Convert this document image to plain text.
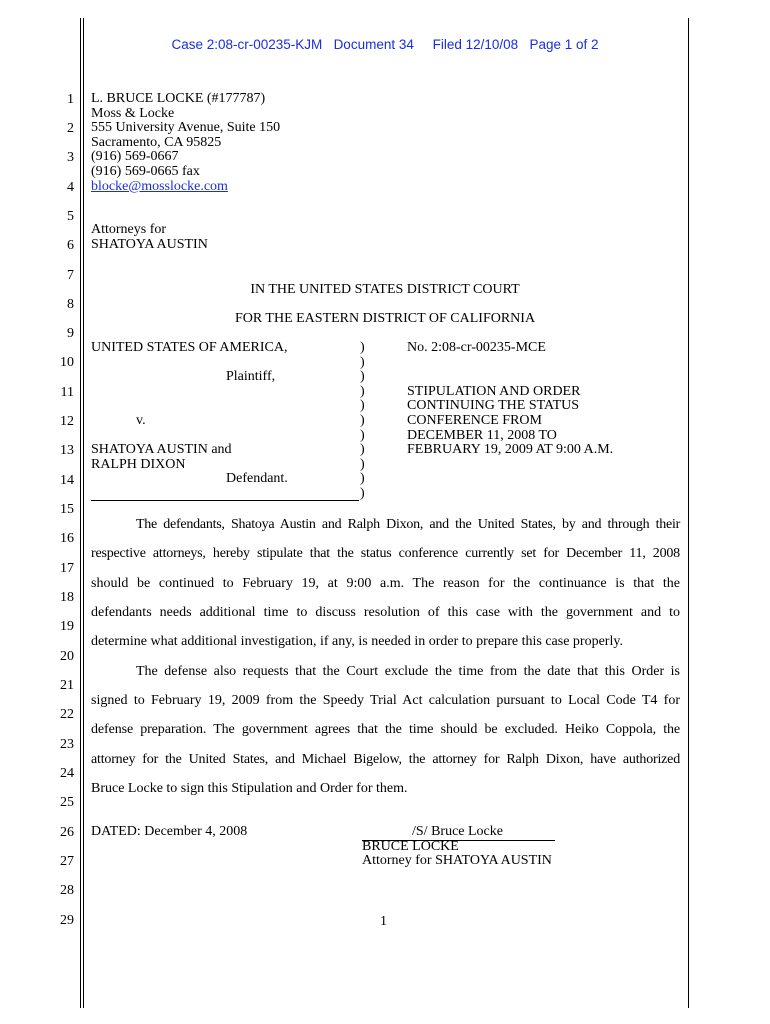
Case 2:08-cr-00235-KJM Document 34 Filed 12/10/08 Page 1 of 2
1
2
3
4
5
6
7
8
9
10
11
12
13
14
15
16
17
18
19
20
21
22
23
24
25
26
27
28
29
L. BRUCE LOCKE (#177787)
Moss & Locke
555 University Avenue, Suite 150
Sacramento, CA 95825
(916) 569-0667
(916) 569-0665 fax
blocke@mosslocke.com
Attorneys for
SHATOYA AUSTIN
IN THE UNITED STATES DISTRICT COURT
FOR THE EASTERN DISTRICT OF CALIFORNIA
UNITED STATES OF AMERICA,
Plaintiff,
v.
SHATOYA AUSTIN and
RALPH DIXON
Defendant.
)
)
)
)
)
)
)
)
)
)
)
No. 2:08-cr-00235-MCE
STIPULATION AND ORDER
CONTINUING THE STATUS
CONFERENCE FROM
DECEMBER 11, 2008 TO
FEBRUARY 19, 2009 AT 9:00 A.M.
The defendants, Shatoya Austin and Ralph Dixon, and the United States, by and through their
respective attorneys, hereby stipulate that the status conference currently set for December 11, 2008
should be continued to February 19, at 9:00 a.m. The reason for the continuance is that the
defendants needs additional time to discuss resolution of this case with the government and to
determine what additional investigation, if any, is needed in order to prepare this case properly.
The defense also requests that the Court exclude the time from the date that this Order is
signed to February 19, 2009 from the Speedy Trial Act calculation pursuant to Local Code T4 for
defense preparation. The government agrees that the time should be excluded. Heiko Coppola, the
attorney for the United States, and Michael Bigelow, the attorney for Ralph Dixon, have authorized
Bruce Locke to sign this Stipulation and Order for them.
DATED: December 4, 2008	/S/ Bruce Locke
BRUCE LOCKE
Attorney for SHATOYA AUSTIN
1
